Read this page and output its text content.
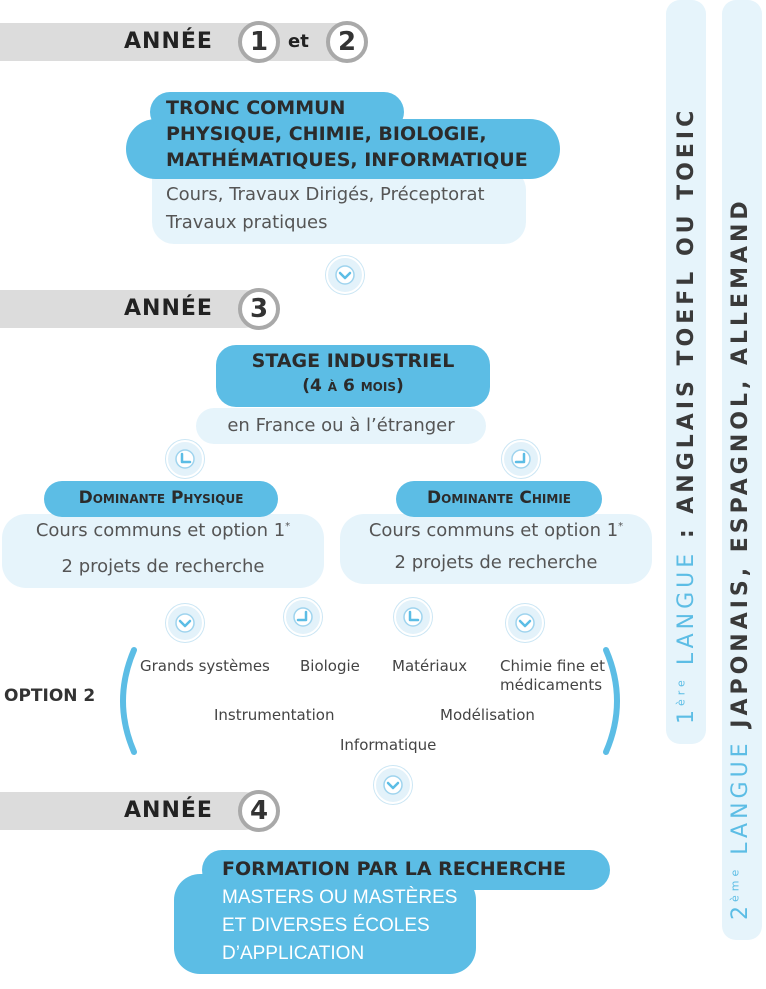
ANNÉE	1	et	2
TRONC COMMUN
PHYSIQUE, CHIMIE, BIOLOGIE,
MATHÉMATIQUES, INFORMATIQUE
Cours, Travaux Dirigés, Préceptorat
Travaux pratiques
ANNÉE	3
STAGE INDUSTRIEL
(4 à 6 mois)
en France ou à l’étranger
Dominante Physique
Cours communs et option 1*
2 projets de recherche
Dominante Chimie
Cours communs et option 1*
2 projets de recherche
OPTION 2
Grands systèmes Biologie Matériaux Chimie fine et
médicaments
Instrumentation	Modélisation
Informatique
ANNÉE	4
FORMATION PAR LA RECHERCHE
MASTERS OU MASTÈRES
ET DIVERSES ÉCOLES
D’APPLICATION
1ère LANGUE : ANGLAIS TOEFL OU TOEIC
2ème LANGUE JAPONAIS, ESPAGNOL, ALLEMAND
